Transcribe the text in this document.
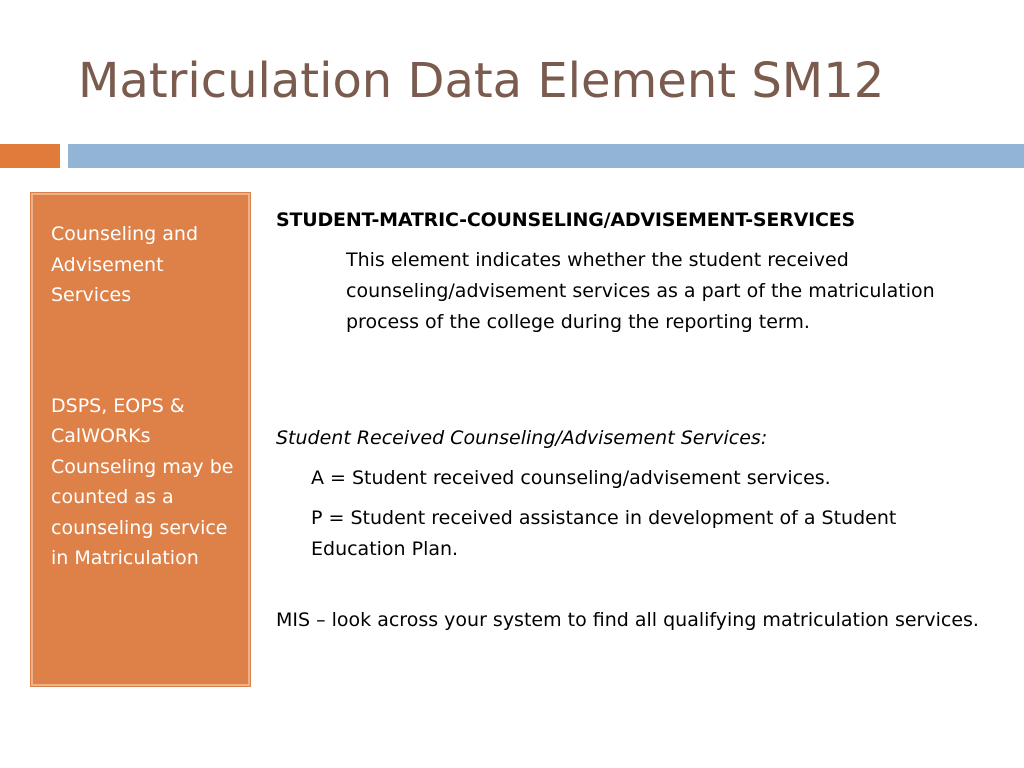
Matriculation Data Element SM12
Counseling and Advisement Services
DSPS, EOPS & CalWORKs Counseling may be counted as a counseling service in Matriculation
STUDENT-MATRIC-COUNSELING/ADVISEMENT-SERVICES
This element indicates whether the student received counseling/advisement services as a part of the matriculation process of the college during the reporting term.
Student Received Counseling/Advisement Services:
A = Student received counseling/advisement services.
P = Student received assistance in development of a Student Education Plan.
MIS – look across your system to find all qualifying matriculation services.
